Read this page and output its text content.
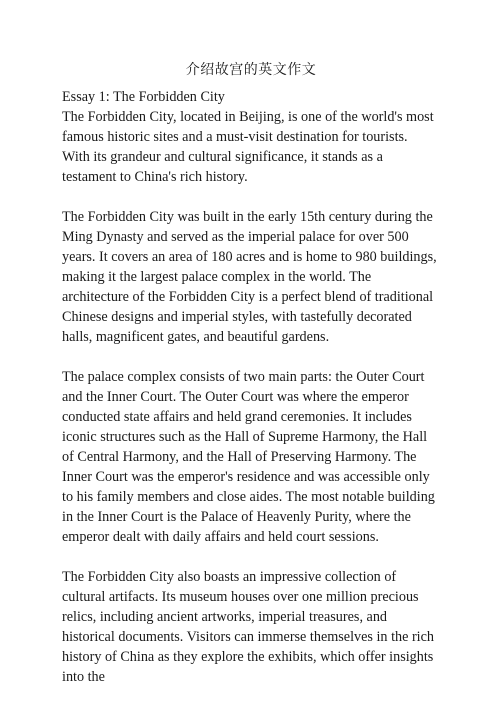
介绍故宫的英文作文

Essay 1: The Forbidden City

The Forbidden City, located in Beijing, is one of the world's most famous historic sites and a must-visit destination for tourists. With its grandeur and cultural significance, it stands as a testament to China's rich history.

The Forbidden City was built in the early 15th century during the Ming Dynasty and served as the imperial palace for over 500 years. It covers an area of 180 acres and is home to 980 buildings, making it the largest palace complex in the world. The architecture of the Forbidden City is a perfect blend of traditional Chinese designs and imperial styles, with tastefully decorated halls, magnificent gates, and beautiful gardens.

The palace complex consists of two main parts: the Outer Court and the Inner Court. The Outer Court was where the emperor conducted state affairs and held grand ceremonies. It includes iconic structures such as the Hall of Supreme Harmony, the Hall of Central Harmony, and the Hall of Preserving Harmony. The Inner Court was the emperor's residence and was accessible only to his family members and close aides. The most notable building in the Inner Court is the Palace of Heavenly Purity, where the emperor dealt with daily affairs and held court sessions.

The Forbidden City also boasts an impressive collection of cultural artifacts. Its museum houses over one million precious relics, including ancient artworks, imperial treasures, and historical documents. Visitors can immerse themselves in the rich history of China as they explore the exhibits, which offer insights into the
